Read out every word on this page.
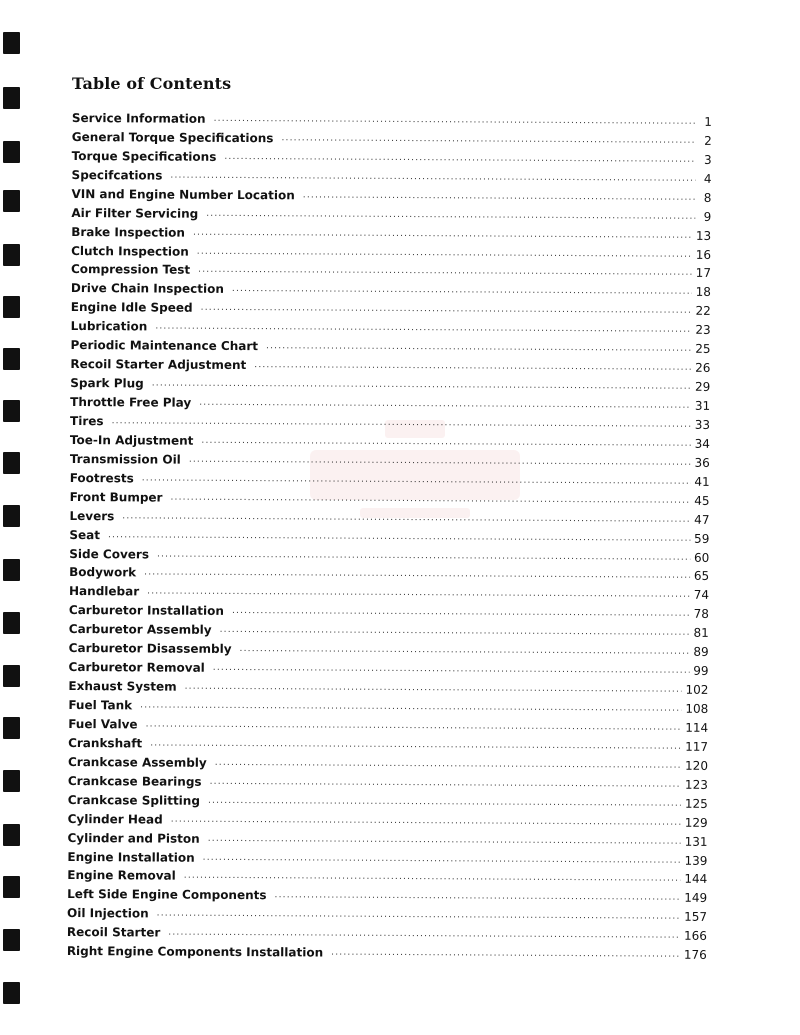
Table of Contents
Service Information .....	1
General Torque Specifications .....	2
Torque Specifications .....	3
Specifcations .....	4
VIN and Engine Number Location .....	8
Air Filter Servicing .....	9
Brake Inspection .....	13
Clutch Inspection .....	16
Compression Test .....	17
Drive Chain Inspection .....	18
Engine Idle Speed .....	22
Lubrication .....	23
Periodic Maintenance Chart .....	25
Recoil Starter Adjustment .....	26
Spark Plug .....	29
Throttle Free Play .....	31
Tires .....	33
Toe-In Adjustment .....	34
Transmission Oil .....	36
Footrests .....	41
Front Bumper .....	45
Levers .....	47
Seat .....	59
Side Covers .....	60
Bodywork .....	65
Handlebar .....	74
Carburetor Installation .....	78
Carburetor Assembly .....	81
Carburetor Disassembly .....	89
Carburetor Removal .....	99
Exhaust System .....	102
Fuel Tank .....	108
Fuel Valve .....	114
Crankshaft .....	117
Crankcase Assembly .....	120
Crankcase Bearings .....	123
Crankcase Splitting .....	125
Cylinder Head .....	129
Cylinder and Piston .....	131
Engine Installation .....	139
Engine Removal .....	144
Left Side Engine Components .....	149
Oil Injection .....	157
Recoil Starter .....	166
Right Engine Components Installation .....	176
